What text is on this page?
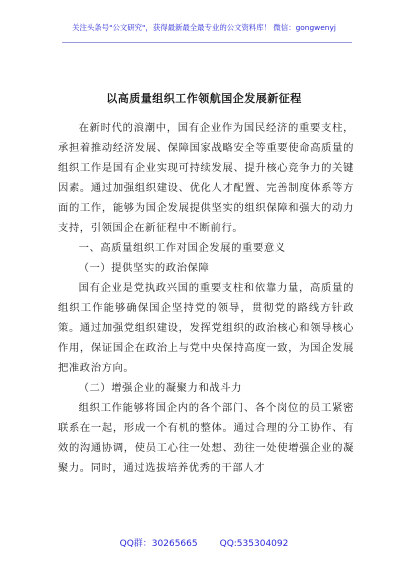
关注头条号"公文研究"，获得最新最全最专业的公文资料库！ 微信：gongwenyj
以高质量组织工作领航国企发展新征程

在新时代的浪潮中，国有企业作为国民经济的重要支柱，承担着推动经济发展、保障国家战略安全等重要使命高质量的组织工作是国有企业实现可持续发展、提升核心竞争力的关键因素。通过加强组织建设、优化人才配置、完善制度体系等方面的工作，能够为国企发展提供坚实的组织保障和强大的动力支持，引领国企在新征程中不断前行。

一、高质量组织工作对国企发展的重要意义

（一）提供坚实的政治保障

国有企业是党执政兴国的重要支柱和依靠力量，高质量的组织工作能够确保国企坚持党的领导，贯彻党的路线方针政策。通过加强党组织建设，发挥党组织的政治核心和领导核心作用，保证国企在政治上与党中央保持高度一致，为国企发展把准政治方向。

（二）增强企业的凝聚力和战斗力

组织工作能够将国企内的各个部门、各个岗位的员工紧密联系在一起，形成一个有机的整体。通过合理的分工协作、有效的沟通协调，使员工心往一处想、劲往一处使增强企业的凝聚力。同时，通过选拔培养优秀的干部人才

QQ群：30265665 QQ:535304092
